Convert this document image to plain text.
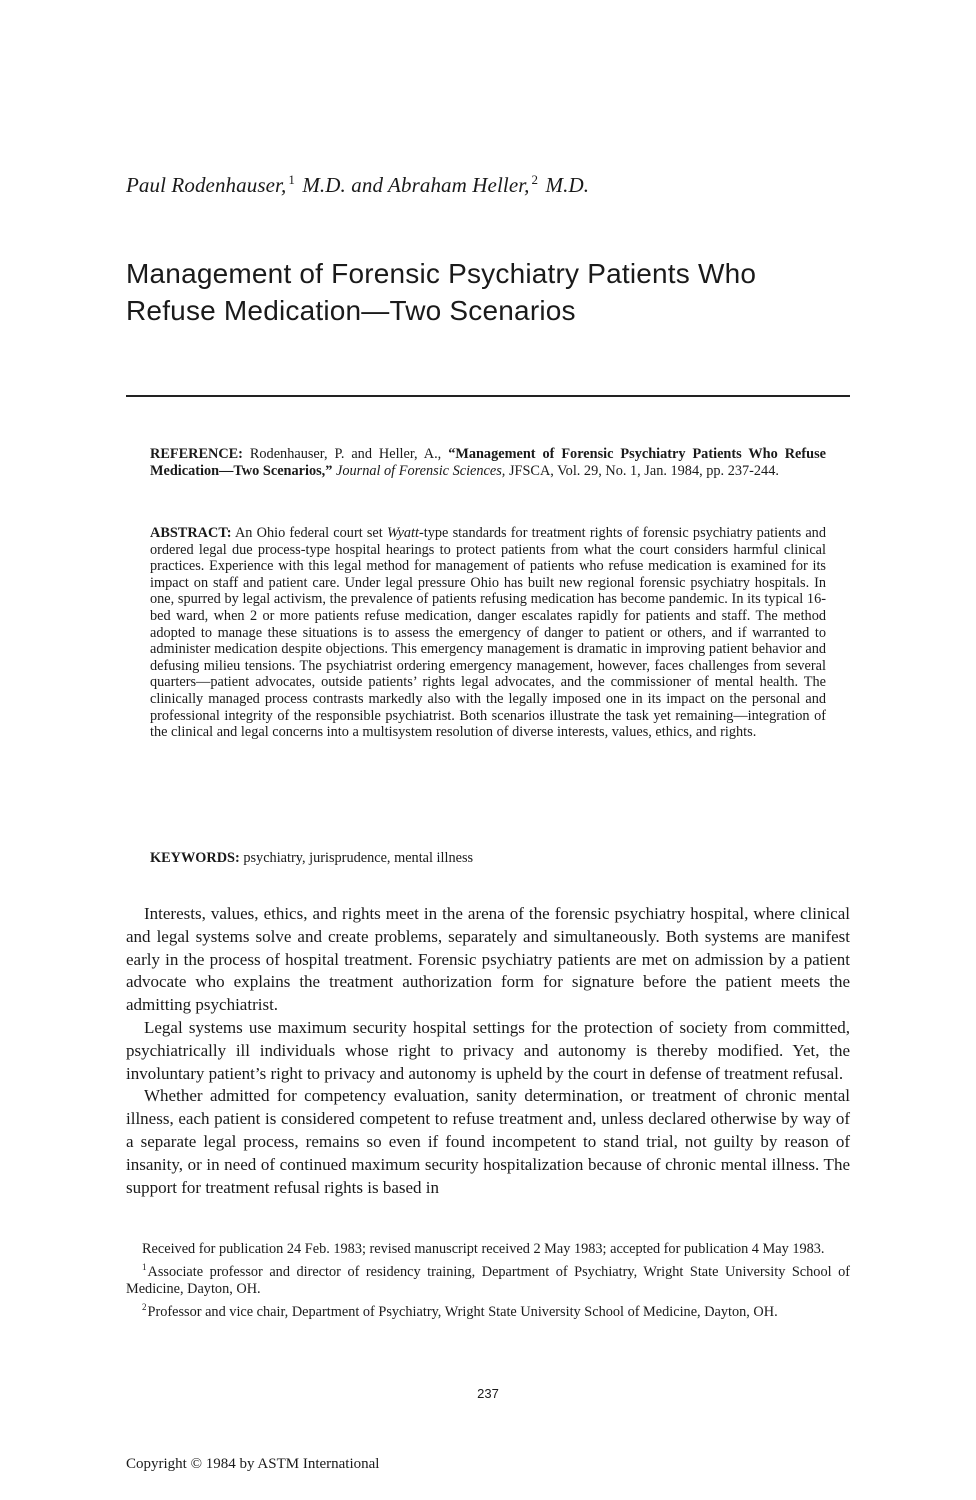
Paul Rodenhauser, $^1$ M.D. and Abraham Heller, $^2$ M.D.
Management of Forensic Psychiatry Patients Who
Refuse Medication—Two Scenarios
REFERENCE: Rodenhauser, P. and Heller, A., “Management of Forensic Psychiatry Patients Who Refuse Medication—Two Scenarios,” Journal of Forensic Sciences, JFSCA, Vol. 29, No. 1, Jan. 1984, pp. 237-244.
ABSTRACT: An Ohio federal court set Wyatt-type standards for treatment rights of forensic psychiatry patients and ordered legal due process-type hospital hearings to protect patients from what the court considers harmful clinical practices. Experience with this legal method for management of patients who refuse medication is examined for its impact on staff and patient care. Under legal pressure Ohio has built new regional forensic psychiatry hospitals. In one, spurred by legal activism, the prevalence of patients refusing medication has become pandemic. In its typical 16-bed ward, when 2 or more patients refuse medication, danger escalates rapidly for patients and staff. The method adopted to manage these situations is to assess the emergency of danger to patient or others, and if warranted to administer medication despite objections. This emergency management is dramatic in improving patient behavior and defusing milieu tensions. The psychiatrist ordering emergency management, however, faces challenges from several quarters—patient advocates, outside patients’ rights legal advocates, and the commissioner of mental health. The clinically managed process contrasts markedly also with the legally imposed one in its impact on the personal and professional integrity of the responsible psychiatrist. Both scenarios illustrate the task yet remaining—integration of the clinical and legal concerns into a multisystem resolution of diverse interests, values, ethics, and rights.
KEYWORDS: psychiatry, jurisprudence, mental illness

Interests, values, ethics, and rights meet in the arena of the forensic psychiatry hospital, where clinical and legal systems solve and create problems, separately and simultaneously. Both systems are manifest early in the process of hospital treatment. Forensic psychiatry patients are met on admission by a patient advocate who explains the treatment authorization form for signature before the patient meets the admitting psychiatrist.

Legal systems use maximum security hospital settings for the protection of society from committed, psychiatrically ill individuals whose right to privacy and autonomy is thereby modified. Yet, the involuntary patient’s right to privacy and autonomy is upheld by the court in defense of treatment refusal.

Whether admitted for competency evaluation, sanity determination, or treatment of chronic mental illness, each patient is considered competent to refuse treatment and, unless declared otherwise by way of a separate legal process, remains so even if found incompetent to stand trial, not guilty by reason of insanity, or in need of continued maximum security hospitalization because of chronic mental illness. The support for treatment refusal rights is based in

Received for publication 24 Feb. 1983; revised manuscript received 2 May 1983; accepted for publication 4 May 1983.

$^1$Associate professor and director of residency training, Department of Psychiatry, Wright State University School of Medicine, Dayton, OH.

$^2$Professor and vice chair, Department of Psychiatry, Wright State University School of Medicine, Dayton, OH.

237
Copyright © 1984 by ASTM International
